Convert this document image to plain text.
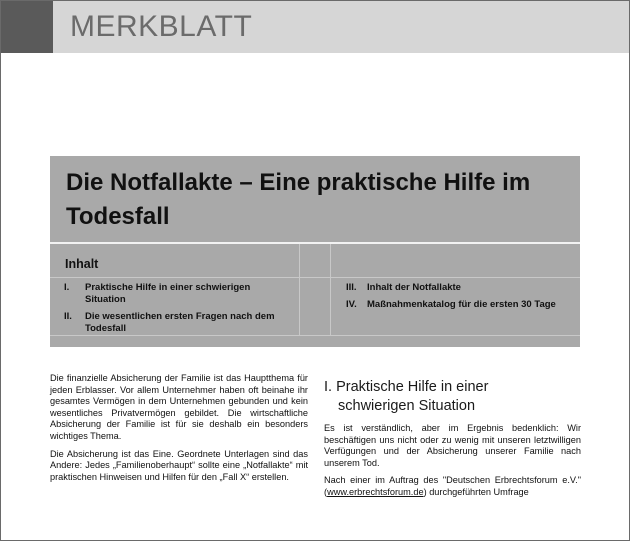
MERKBLATT
Die Notfallakte – Eine praktische Hilfe im Todesfall
Inhalt
I. Praktische Hilfe in einer schwierigen Situation
II. Die wesentlichen ersten Fragen nach dem Todesfall
III. Inhalt der Notfallakte
IV. Maßnahmenkatalog für die ersten 30 Tage

Die finanzielle Absicherung der Familie ist das Hauptthema für jeden Erblasser. Vor allem Unternehmer haben oft beinahe ihr gesamtes Vermögen in dem Unternehmen gebunden und kein wesentliches Privatvermögen gebildet. Die wirtschaftliche Absicherung der Familie ist für sie deshalb ein besonders wichtiges Thema.

Die Absicherung ist das Eine. Geordnete Unterlagen sind das Andere: Jedes „Familienoberhaupt“ sollte eine „Notfallakte“ mit praktischen Hinweisen und Hilfen für den „Fall X“ erstellen.

I. Praktische Hilfe in einer
schwierigen Situation

Es ist verständlich, aber im Ergebnis bedenklich: Wir beschäftigen uns nicht oder zu wenig mit unseren letztwilligen Verfügungen und der Absicherung unserer Familie nach unserem Tod.

Nach einer im Auftrag des "Deutschen Erbrechtsforum e.V." (www.erbrechtsforum.de) durchgeführten Umfrage
